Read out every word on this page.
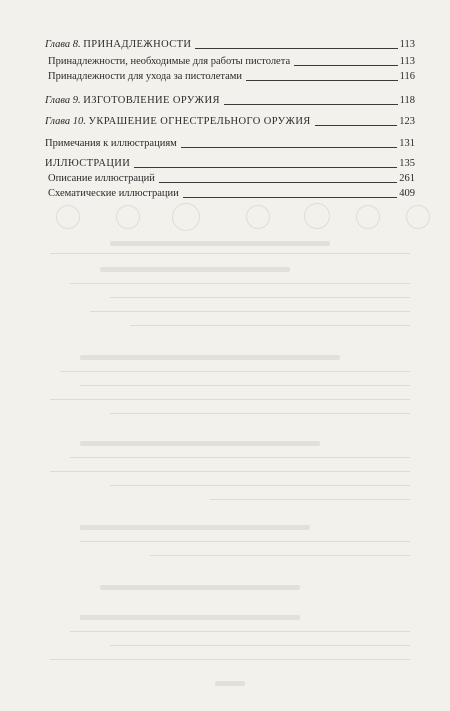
Глава 8. ПРИНАДЛЕЖНОСТИ	113
Принадлежности, необходимые для работы пистолета	113
Принадлежности для ухода за пистолетами	116
Глава 9. ИЗГОТОВЛЕНИЕ ОРУЖИЯ	118
Глава 10. УКРАШЕНИЕ ОГНЕСТРЕЛЬНОГО ОРУЖИЯ	123
Примечания к иллюстрациям	131
ИЛЛЮСТРАЦИИ	135
Описание иллюстраций	261
Схематические иллюстрации	409
